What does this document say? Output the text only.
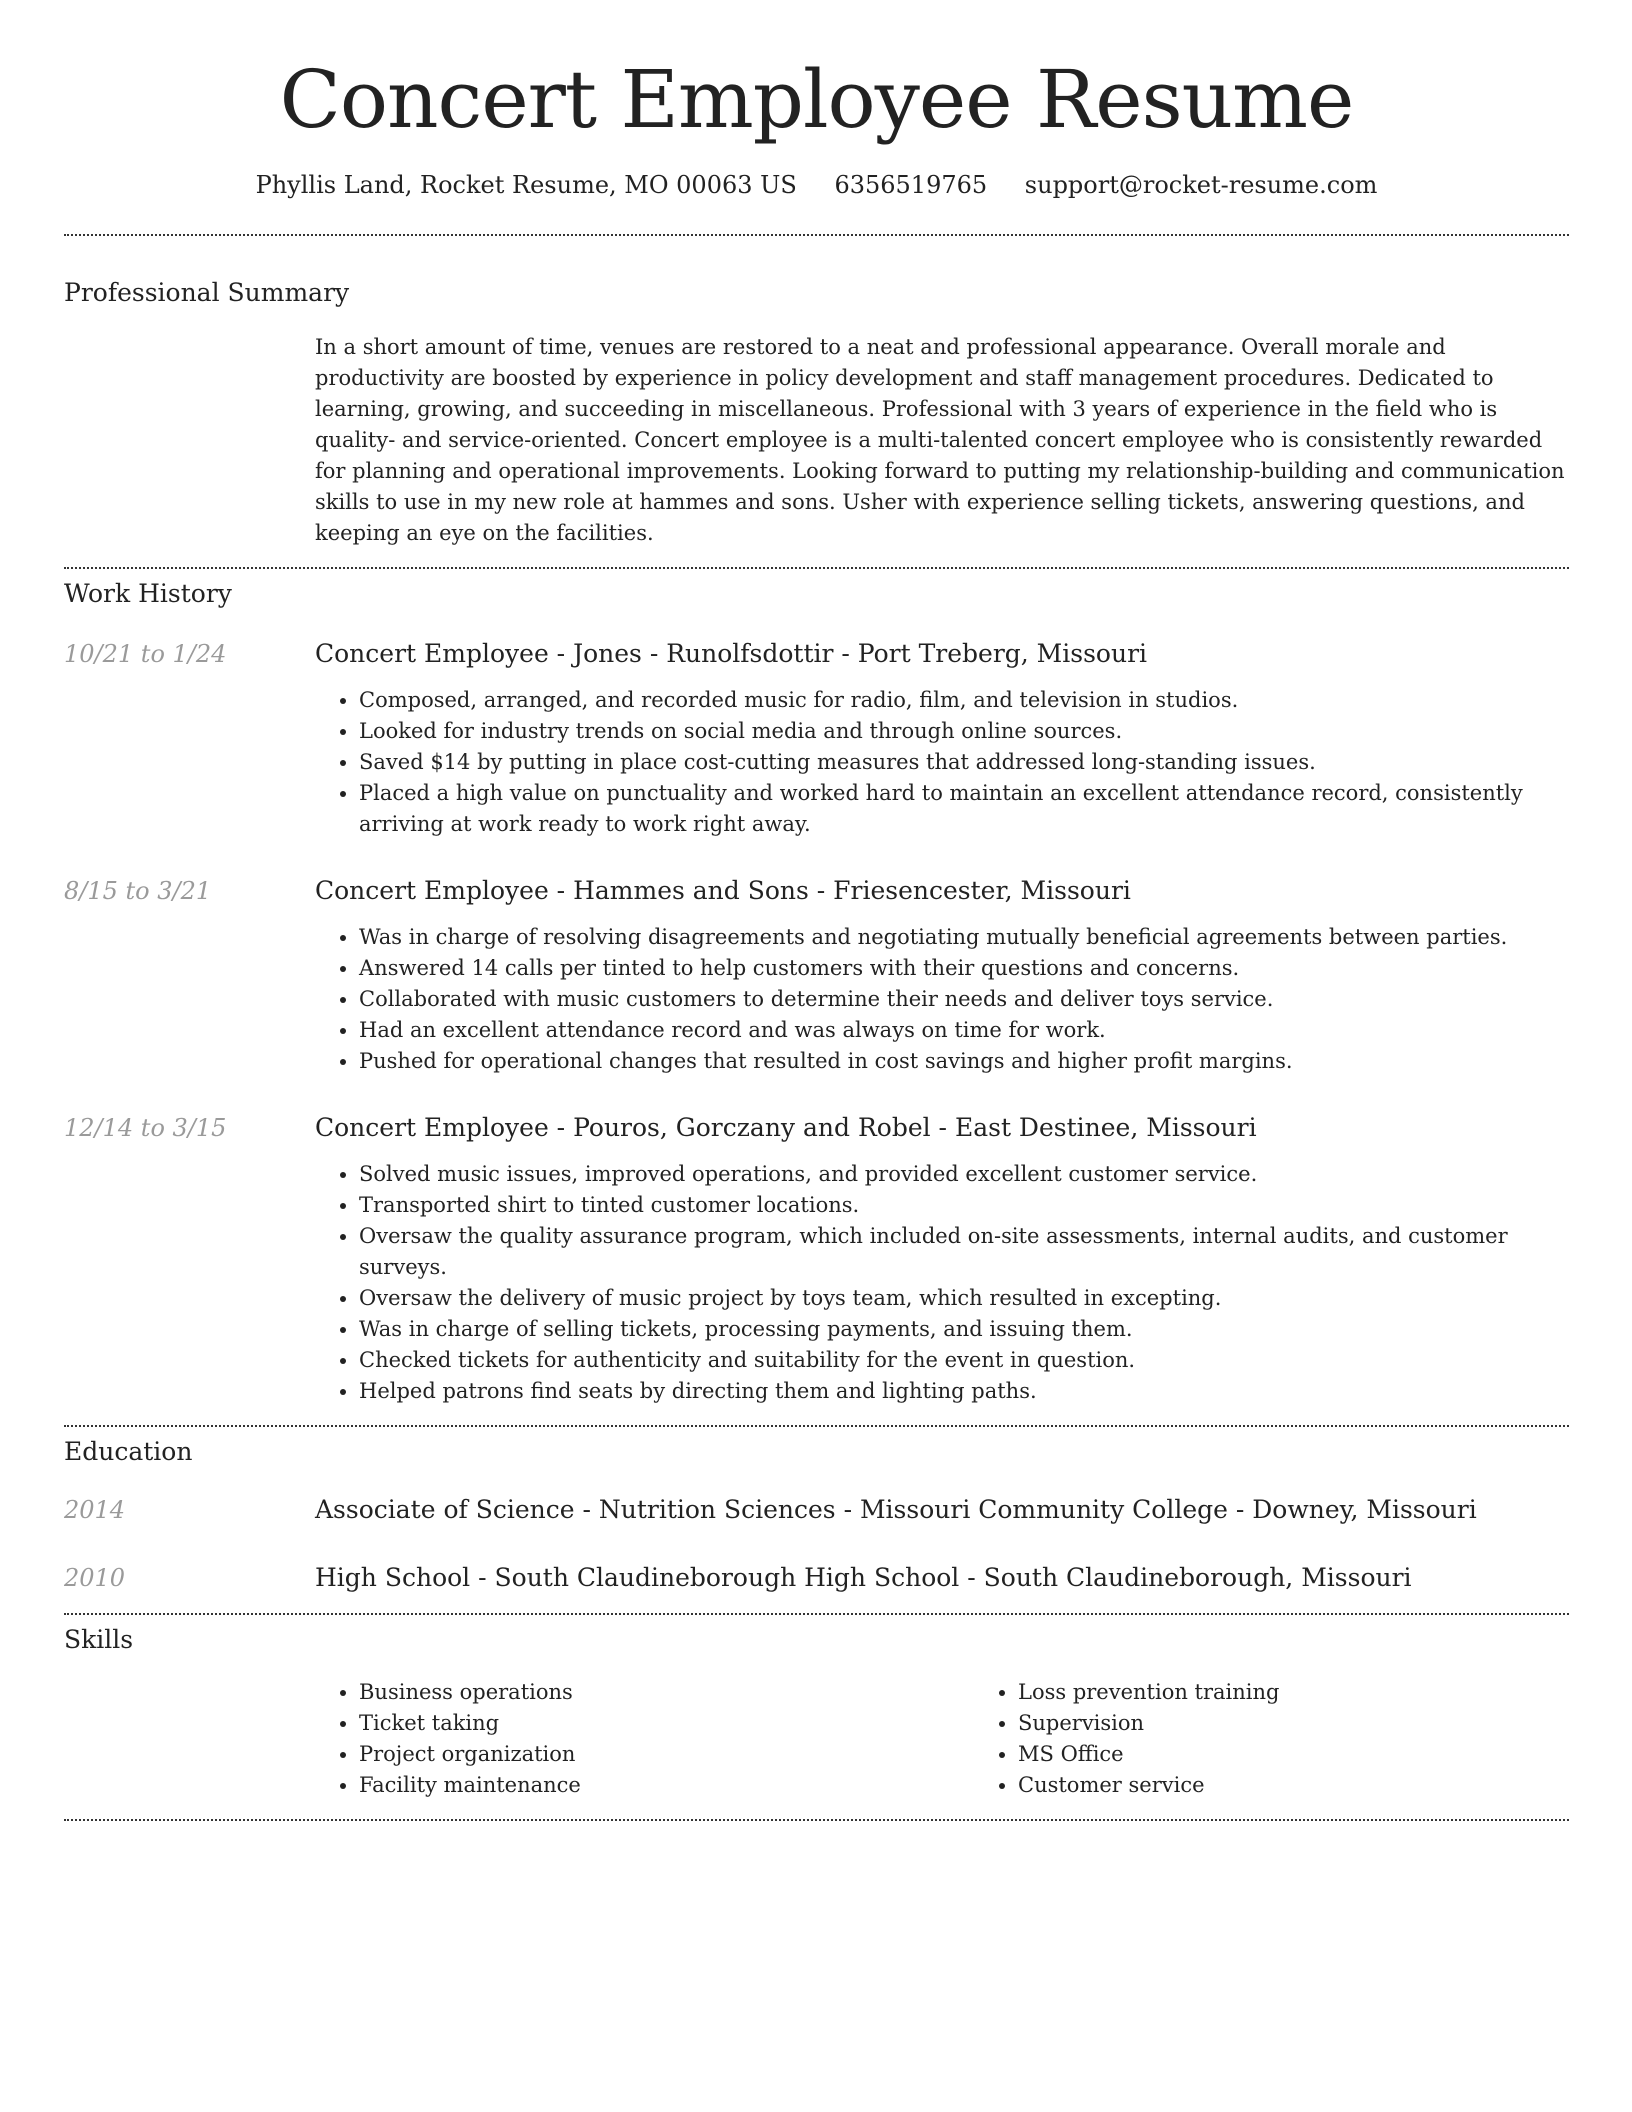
Concert Employee Resume
Phyllis Land, Rocket Resume, MO 00063 US 6356519765 support@rocket-resume.com
Professional Summary
In a short amount of time, venues are restored to a neat and professional appearance. Overall morale and productivity are boosted by experience in policy development and staff management procedures. Dedicated to learning, growing, and succeeding in miscellaneous. Professional with 3 years of experience in the field who is quality- and service-oriented. Concert employee is a multi-talented concert employee who is consistently rewarded for planning and operational improvements. Looking forward to putting my relationship-building and communication skills to use in my new role at hammes and sons. Usher with experience selling tickets, answering questions, and keeping an eye on the facilities.
Work History
10/21 to 1/24	Concert Employee - Jones - Runolfsdottir - Port Treberg, Missouri
• Composed, arranged, and recorded music for radio, film, and television in studios.
• Looked for industry trends on social media and through online sources.
• Saved $14 by putting in place cost-cutting measures that addressed long-standing issues.
• Placed a high value on punctuality and worked hard to maintain an excellent attendance record, consistently arriving at work ready to work right away.
8/15 to 3/21	Concert Employee - Hammes and Sons - Friesencester, Missouri
• Was in charge of resolving disagreements and negotiating mutually beneficial agreements between parties.
• Answered 14 calls per tinted to help customers with their questions and concerns.
• Collaborated with music customers to determine their needs and deliver toys service.
• Had an excellent attendance record and was always on time for work.
• Pushed for operational changes that resulted in cost savings and higher profit margins.
12/14 to 3/15	Concert Employee - Pouros, Gorczany and Robel - East Destinee, Missouri
• Solved music issues, improved operations, and provided excellent customer service.
• Transported shirt to tinted customer locations.
• Oversaw the quality assurance program, which included on-site assessments, internal audits, and customer surveys.
• Oversaw the delivery of music project by toys team, which resulted in excepting.
• Was in charge of selling tickets, processing payments, and issuing them.
• Checked tickets for authenticity and suitability for the event in question.
• Helped patrons find seats by directing them and lighting paths.
Education
2014	Associate of Science - Nutrition Sciences - Missouri Community College - Downey, Missouri
2010	High School - South Claudineborough High School - South Claudineborough, Missouri
Skills
• Business operations
• Ticket taking
• Project organization
• Facility maintenance
• Loss prevention training
• Supervision
• MS Office
• Customer service
